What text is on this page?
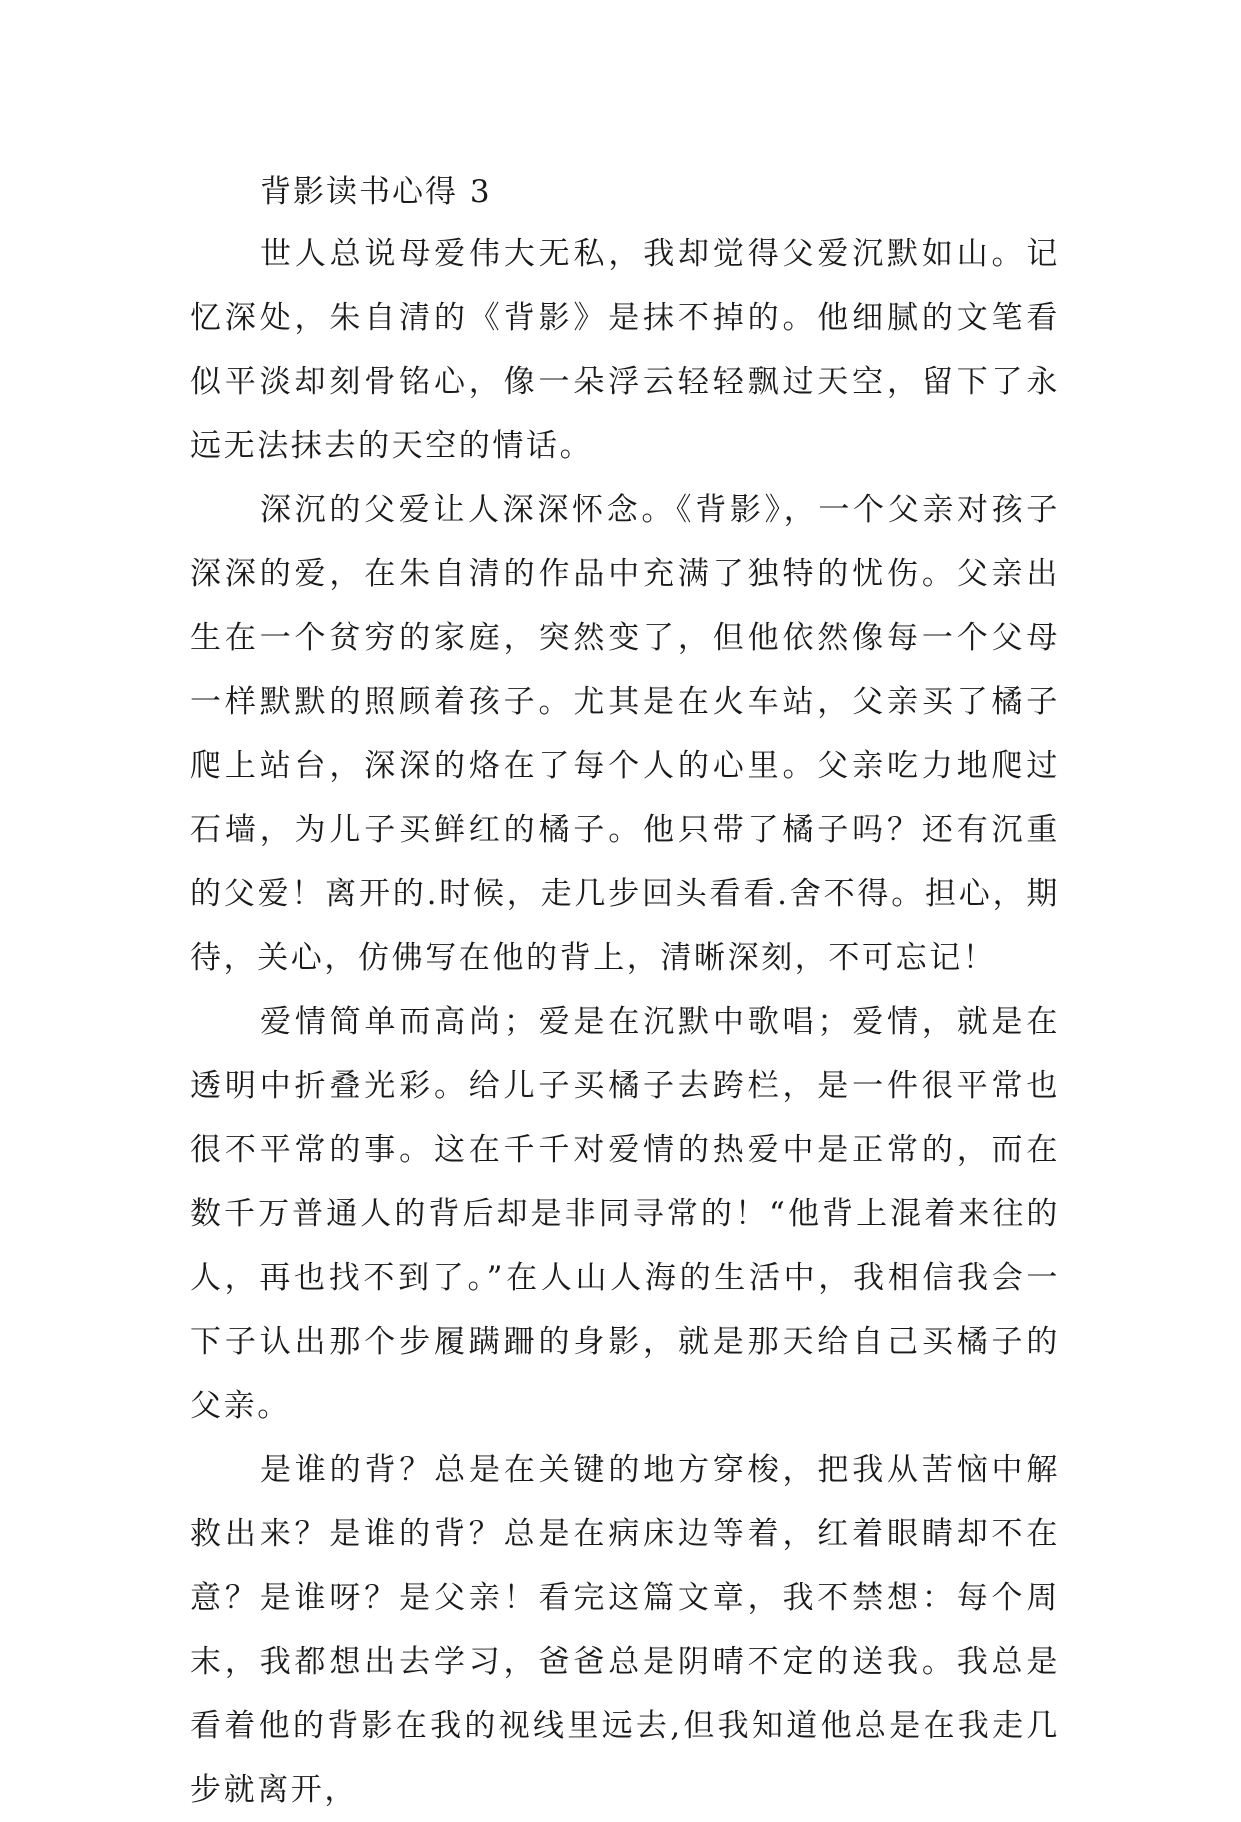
背影读书心得 3

世人总说母爱伟大无私，我却觉得父爱沉默如山。记忆深处，朱自清的《背影》是抹不掉的。他细腻的文笔看似平淡却刻骨铭心，像一朵浮云轻轻飘过天空，留下了永远无法抹去的天空的情话。

深沉的父爱让人深深怀念。《背影》，一个父亲对孩子深深的爱，在朱自清的作品中充满了独特的忧伤。父亲出生在一个贫穷的家庭，突然变了，但他依然像每一个父母一样默默的照顾着孩子。尤其是在火车站，父亲买了橘子爬上站台，深深的烙在了每个人的心里。父亲吃力地爬过石墙，为儿子买鲜红的橘子。他只带了橘子吗？还有沉重的父爱！离开的.时候，走几步回头看看.舍不得。担心，期待，关心，仿佛写在他的背上，清晰深刻，不可忘记！

爱情简单而高尚；爱是在沉默中歌唱；爱情，就是在透明中折叠光彩。给儿子买橘子去跨栏，是一件很平常也很不平常的事。这在千千对爱情的热爱中是正常的，而在数千万普通人的背后却是非同寻常的！“他背上混着来往的人，再也找不到了。”在人山人海的生活中，我相信我会一下子认出那个步履蹒跚的身影，就是那天给自己买橘子的父亲。

是谁的背？总是在关键的地方穿梭，把我从苦恼中解救出来？是谁的背？总是在病床边等着，红着眼睛却不在意？是谁呀？是父亲！看完这篇文章，我不禁想：每个周末，我都想出去学习，爸爸总是阴晴不定的送我。我总是看着他的背影在我的视线里远去,但我知道他总是在我走几步就离开，
